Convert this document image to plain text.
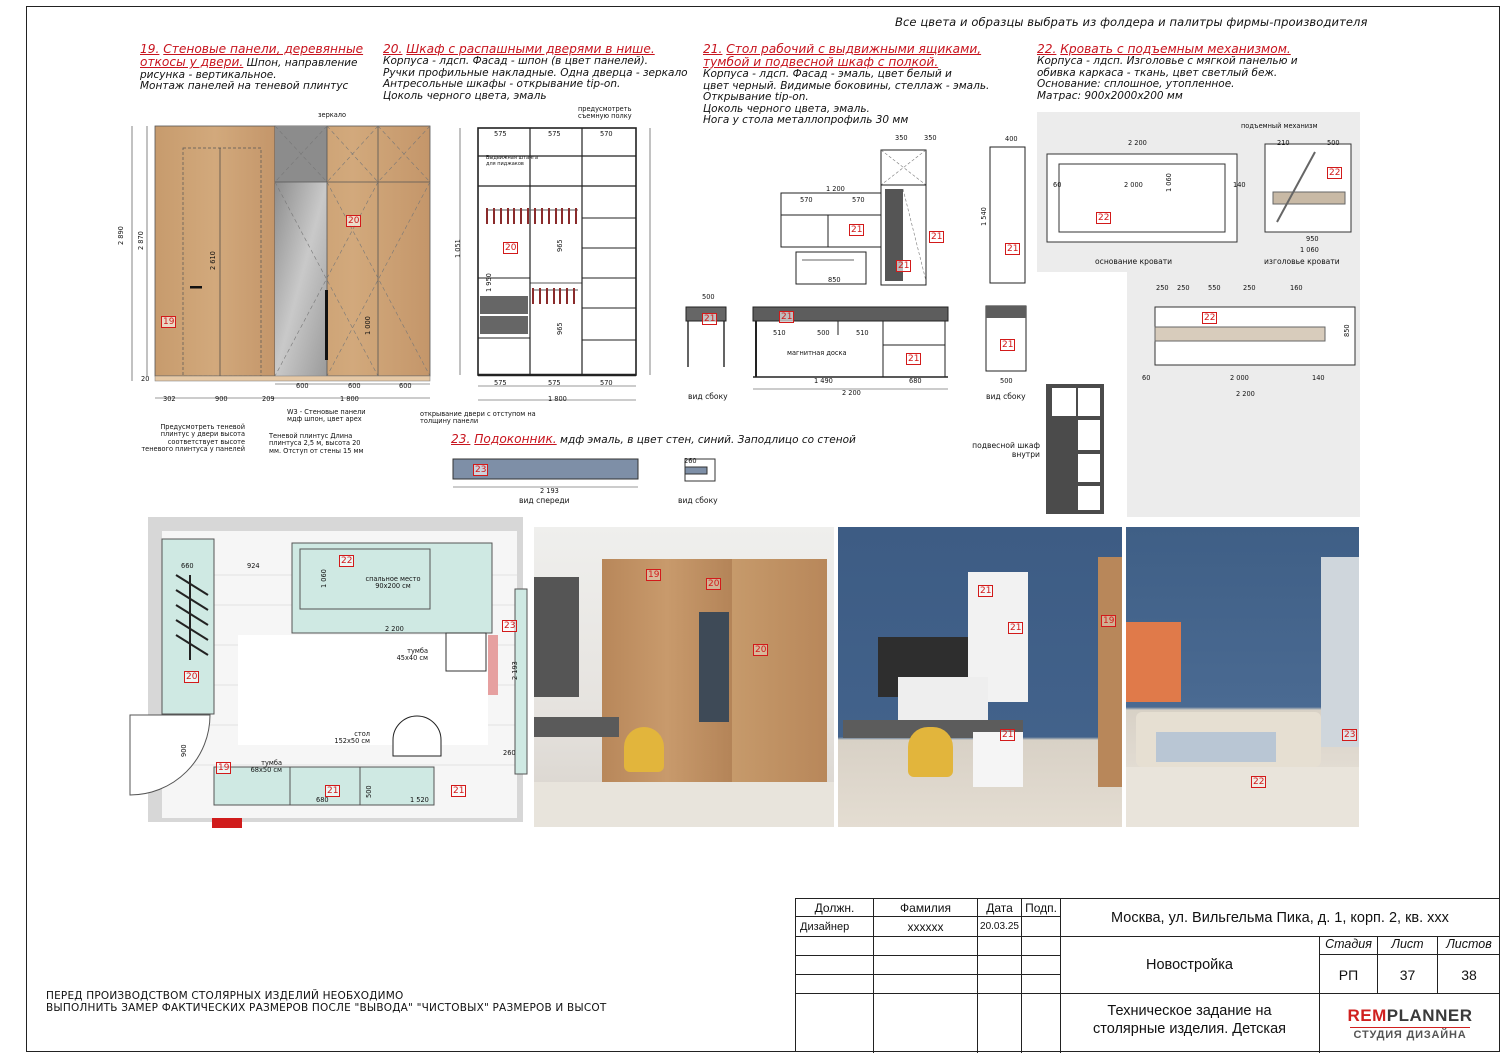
Все цвета и образцы выбрать из фолдера и палитры фирмы-производителя
19. Стеновые панели, деревянные
откосы у двери. Шпон, направление
рисунка - вертикальное.
Монтаж панелей на теневой плинтус
20. Шкаф с распашными дверями в нише.
Корпуса - лдсп. Фасад - шпон (в цвет панелей).
Ручки профильные накладные. Одна дверца - зеркало
Антресольные шкафы - открывание tip-on.
Цоколь черного цвета, эмаль
21. Стол рабочий с выдвижными ящиками,
тумбой и подвесной шкаф с полкой.
Корпуса - лдсп. Фасад - эмаль, цвет белый и
цвет черный. Видимые боковины, стеллаж - эмаль.
Открывание tip-on.
Цоколь черного цвета, эмаль.
Нога у стола металлопрофиль 30 мм
22. Кровать с подъемным механизмом.
Корпуса - лдсп. Изголовье с мягкой панелью и
обивка каркаса - ткань, цвет светлый беж.
Основание: сплошное, утопленное.
Матрас: 900х2000х200 мм
23. Подоконник. мдф эмаль, в цвет стен, синий. Заподлицо со стеной
2 890 2 870
2 610
1 000
20
302	900	209
600	600	600
1 800
зеркало
19
20
W3 - Стеновые панели мдф шпон, цвет арех
открывание двери с отступом на толщину панели
Предусмотреть теневой плинтус у двери высота соответствует высоте теневого плинтуса у панелей
Теневой плинтус Длина плинтуса 2,5 м, высота 20 мм. Отступ от стены 15 мм
575	575	570
575	575	570
1 800
965
965
1 950
1 051
предусмотреть съемную полку
Выдвижная штанга для пиджаков
20
21
21
21
21
21
1 200
350 350
570	570
850
510	500	510
1 490	680
2 200
магнитная доска
21
500
вид сбоку
21
400
1 540
21
500
вид сбоку
подвесной шкаф внутри
22
22
22
2 200
2 000
60	140
1 060
основание кровати	изголовье кровати
подъемный механизм
210	500
950
1 060
250 250	550	250	160
2 000
2 200
60	140
850
23
2 193
вид спереди	вид сбоку
260
20
22
23
19
21	21
спальное место 90х200 см
тумба 45х40 см
стол 152х50 см
тумба 68х50 см
660	924
2 200
1 060
2 193
260
900
680	1 520
500
19
20
20
21
21
19
21
22
23
ПЕРЕД ПРОИЗВОДСТВОМ СТОЛЯРНЫХ ИЗДЕЛИЙ НЕОБХОДИМО
ВЫПОЛНИТЬ ЗАМЕР ФАКТИЧЕСКИХ РАЗМЕРОВ ПОСЛЕ "ВЫВОДА" "ЧИСТОВЫХ" РАЗМЕРОВ И ВЫСОТ
Должн.	Фамилия	Дата	Подп.
Дизайнер	хххххх	20.03.25
Москва, ул. Вильгельма Пика, д. 1, корп. 2, кв. ххх
Новостройка
Стадия	Лист	Листов
РП	37	38
Техническое задание на
столярные изделия. Детская
REMPLANNER
СТУДИЯ ДИЗАЙНА
